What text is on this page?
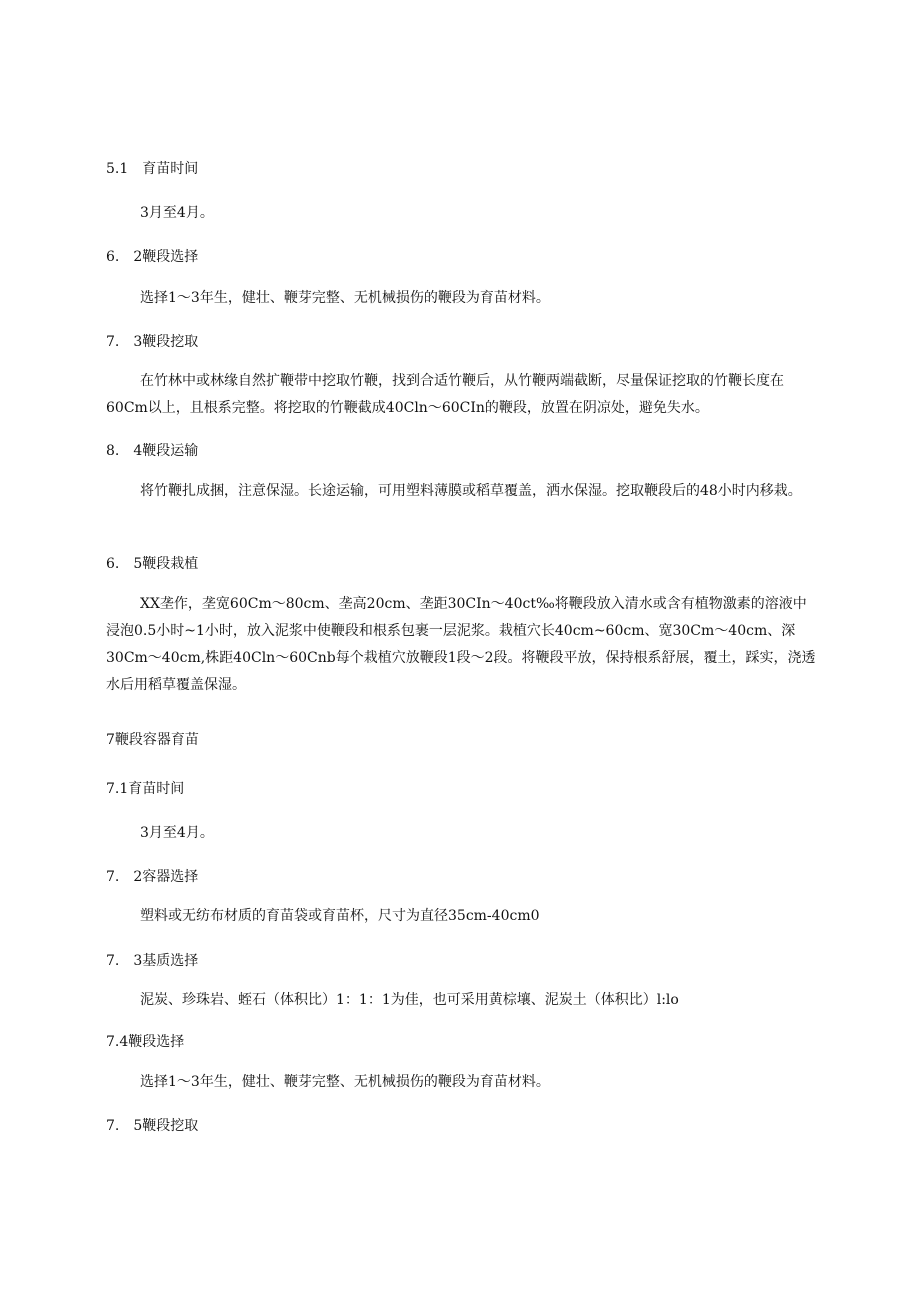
5.1　育苗时间
3月至4月。
6.　2鞭段选择
选择1～3年生，健壮、鞭芽完整、无机械损伤的鞭段为育苗材料。
7.　3鞭段挖取
在竹林中或林缘自然扩鞭带中挖取竹鞭，找到合适竹鞭后，从竹鞭两端截断，尽量保证挖取的竹鞭长度在60Cm以上，且根系完整。将挖取的竹鞭截成40Cln～60CIn的鞭段，放置在阴凉处，避免失水。
8.　4鞭段运输
将竹鞭扎成捆，注意保湿。长途运输，可用塑料薄膜或稻草覆盖，洒水保湿。挖取鞭段后的48小时内移栽。
6.　5鞭段栽植
XX垄作，垄宽60Cm～80cm、垄高20cm、垄距30CIn～40ct‰将鞭段放入清水或含有植物激素的溶液中浸泡0.5小时~1小时，放入泥浆中使鞭段和根系包裹一层泥浆。栽植穴长40cm~60cm、宽30Cm～40cm、深30Cm～40cm,株距40Cln～60Cnb每个栽植穴放鞭段1段～2段。将鞭段平放，保持根系舒展，覆土，踩实，浇透水后用稻草覆盖保湿。
7鞭段容器育苗
7.1育苗时间
3月至4月。
7.　2容器选择
塑料或无纺布材质的育苗袋或育苗杯，尺寸为直径35cm-40cm0
7.　3基质选择
泥炭、珍珠岩、蛭石（体积比）1：1：1为佳，也可采用黄棕壤、泥炭土（体积比）l:lo
7.4鞭段选择
选择1～3年生，健壮、鞭芽完整、无机械损伤的鞭段为育苗材料。
7.　5鞭段挖取
